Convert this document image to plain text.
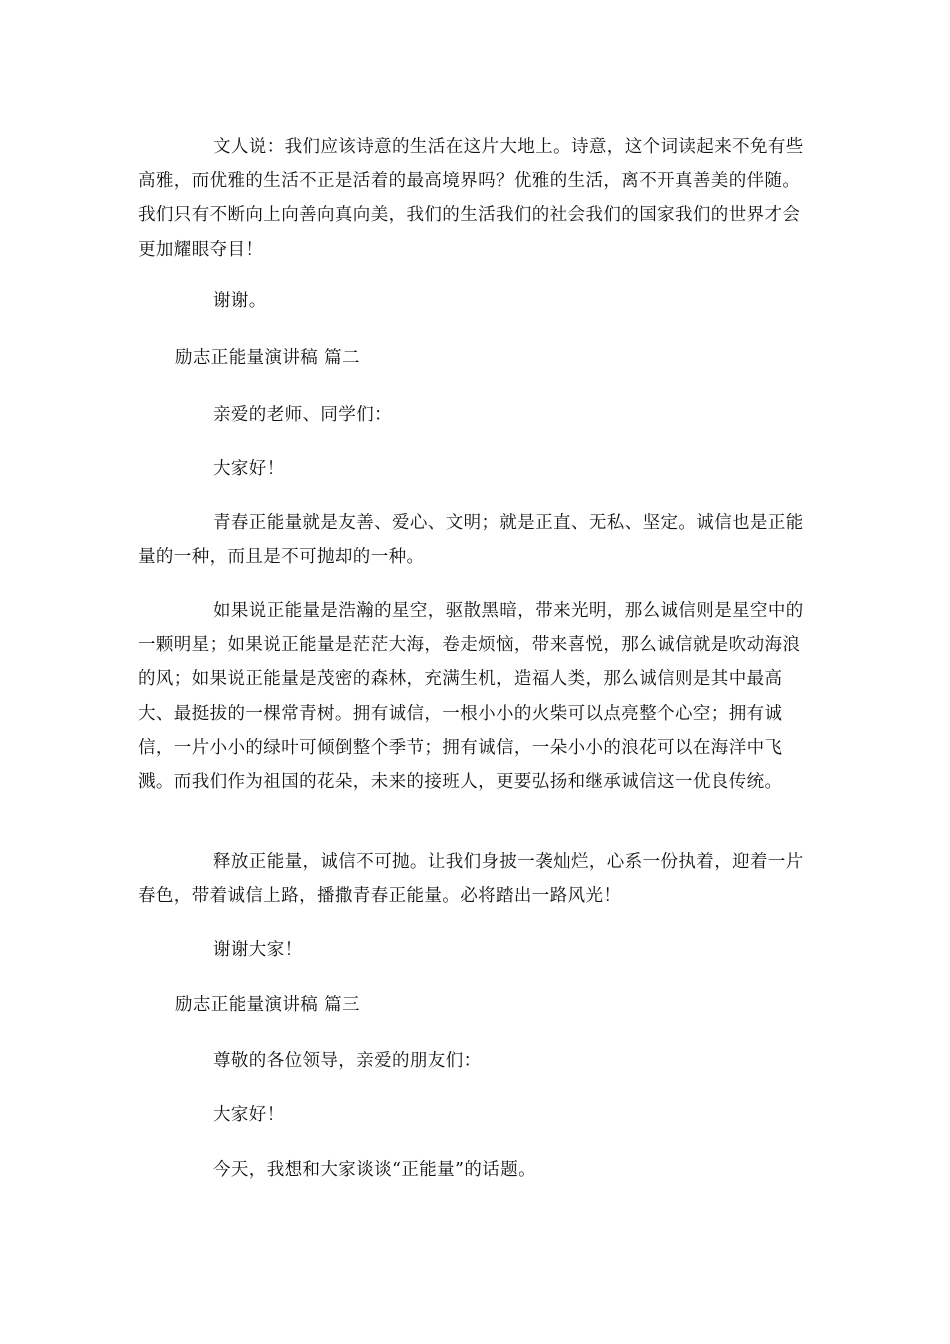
文人说：我们应该诗意的生活在这片大地上。诗意，这个词读起来不免有些高雅，而优雅的生活不正是活着的最高境界吗？优雅的生活，离不开真善美的伴随。我们只有不断向上向善向真向美，我们的生活我们的社会我们的国家我们的世界才会更加耀眼夺目！

谢谢。

励志正能量演讲稿 篇二

亲爱的老师、同学们：

大家好！

青春正能量就是友善、爱心、文明；就是正直、无私、坚定。诚信也是正能量的一种，而且是不可抛却的一种。

如果说正能量是浩瀚的星空，驱散黑暗，带来光明，那么诚信则是星空中的一颗明星；如果说正能量是茫茫大海，卷走烦恼，带来喜悦，那么诚信就是吹动海浪的风；如果说正能量是茂密的森林，充满生机，造福人类，那么诚信则是其中最高大、最挺拔的一棵常青树。拥有诚信，一根小小的火柴可以点亮整个心空；拥有诚信，一片小小的绿叶可倾倒整个季节；拥有诚信，一朵小小的浪花可以在海洋中飞溅。而我们作为祖国的花朵，未来的接班人，更要弘扬和继承诚信这一优良传统。

释放正能量，诚信不可抛。让我们身披一袭灿烂，心系一份执着，迎着一片春色，带着诚信上路，播撒青春正能量。必将踏出一路风光！

谢谢大家！

励志正能量演讲稿 篇三

尊敬的各位领导，亲爱的朋友们：

大家好！

今天，我想和大家谈谈“正能量”的话题。
